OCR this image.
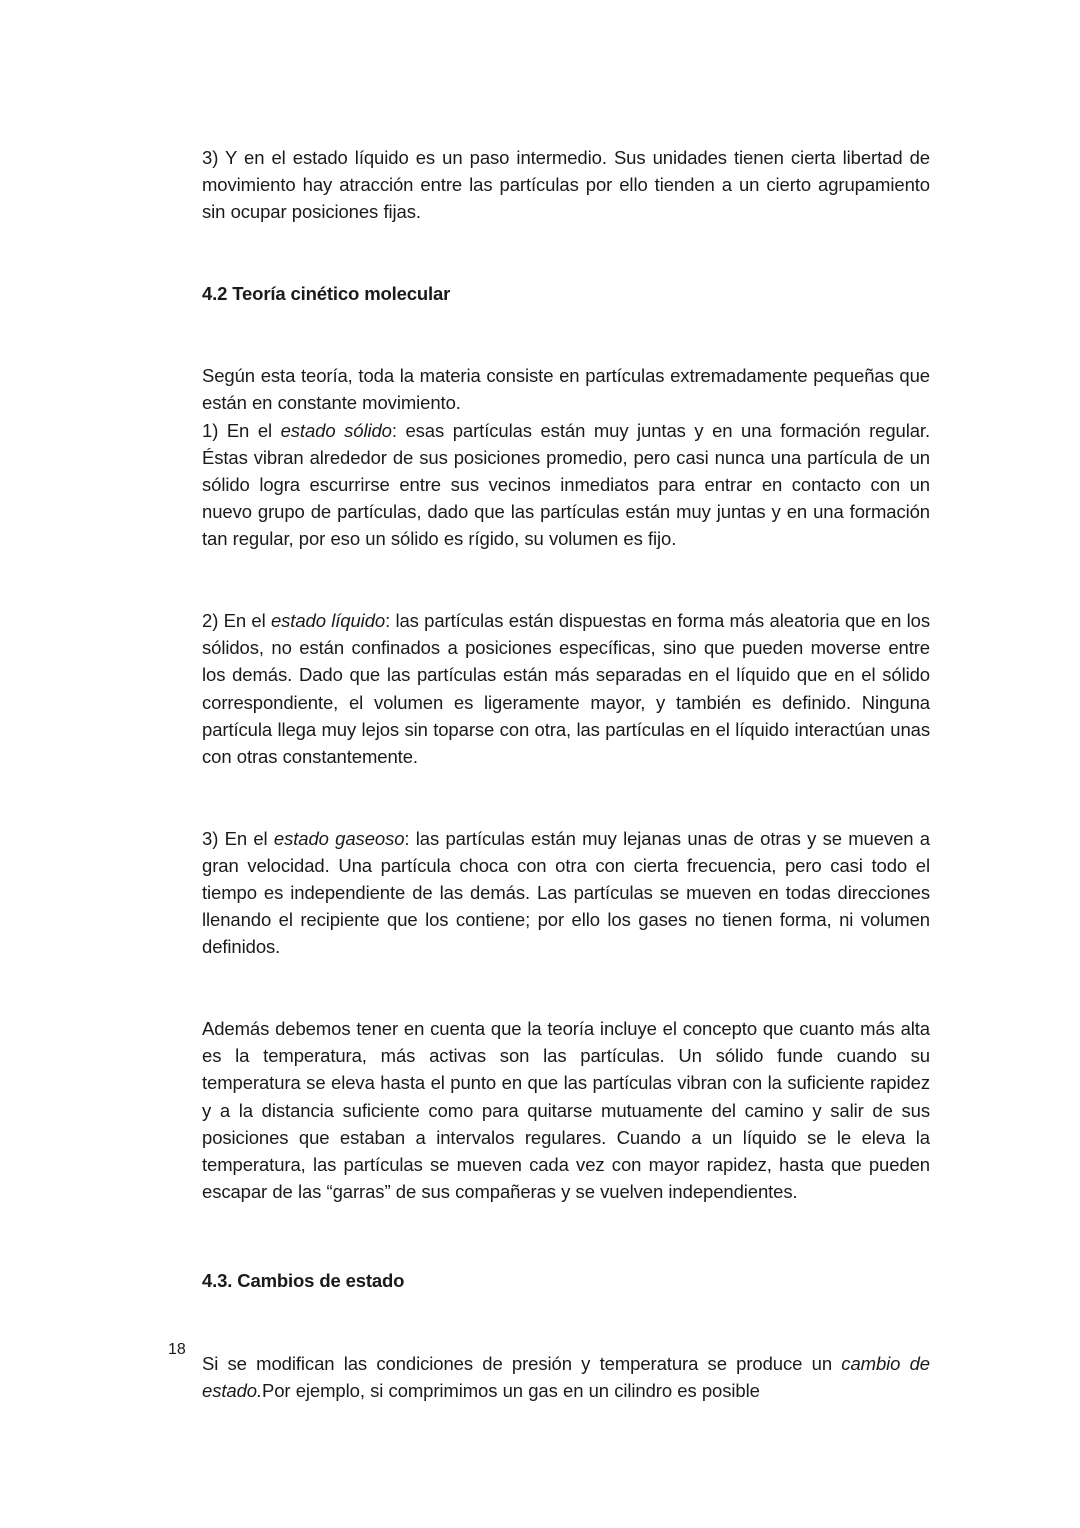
3) Y en el estado líquido es un paso intermedio. Sus unidades tienen cierta libertad de movimiento hay atracción entre las partículas por ello tienden a un cierto agrupamiento sin ocupar posiciones fijas.

4.2 Teoría cinético molecular

Según esta teoría, toda la materia consiste en partículas extremadamente pequeñas que están en constante movimiento.

1) En el estado sólido: esas partículas están muy juntas y en una formación regular. Éstas vibran alrededor de sus posiciones promedio, pero casi nunca una partícula de un sólido logra escurrirse entre sus vecinos inmediatos para entrar en contacto con un nuevo grupo de partículas, dado que las partículas están muy juntas y en una formación tan regular, por eso un sólido es rígido, su volumen es fijo.

2) En el estado líquido: las partículas están dispuestas en forma más aleatoria que en los sólidos, no están confinados a posiciones específicas, sino que pueden moverse entre los demás. Dado que las partículas están más separadas en el líquido que en el sólido correspondiente, el volumen es ligeramente mayor, y también es definido. Ninguna partícula llega muy lejos sin toparse con otra, las partículas en el líquido interactúan unas con otras constantemente.

3) En el estado gaseoso: las partículas están muy lejanas unas de otras y se mueven a gran velocidad. Una partícula choca con otra con cierta frecuencia, pero casi todo el tiempo es independiente de las demás. Las partículas se mueven en todas direcciones llenando el recipiente que los contiene; por ello los gases no tienen forma, ni volumen definidos.

Además debemos tener en cuenta que la teoría incluye el concepto que cuanto más alta es la temperatura, más activas son las partículas. Un sólido funde cuando su temperatura se eleva hasta el punto en que las partículas vibran con la suficiente rapidez y a la distancia suficiente como para quitarse mutuamente del camino y salir de sus posiciones que estaban a intervalos regulares. Cuando a un líquido se le eleva la temperatura, las partículas se mueven cada vez con mayor rapidez, hasta que pueden escapar de las “garras” de sus compañeras y se vuelven independientes.

4.3. Cambios de estado

Si se modifican las condiciones de presión y temperatura se produce un cambio de estado.Por ejemplo, si comprimimos un gas en un cilindro es posible

18
